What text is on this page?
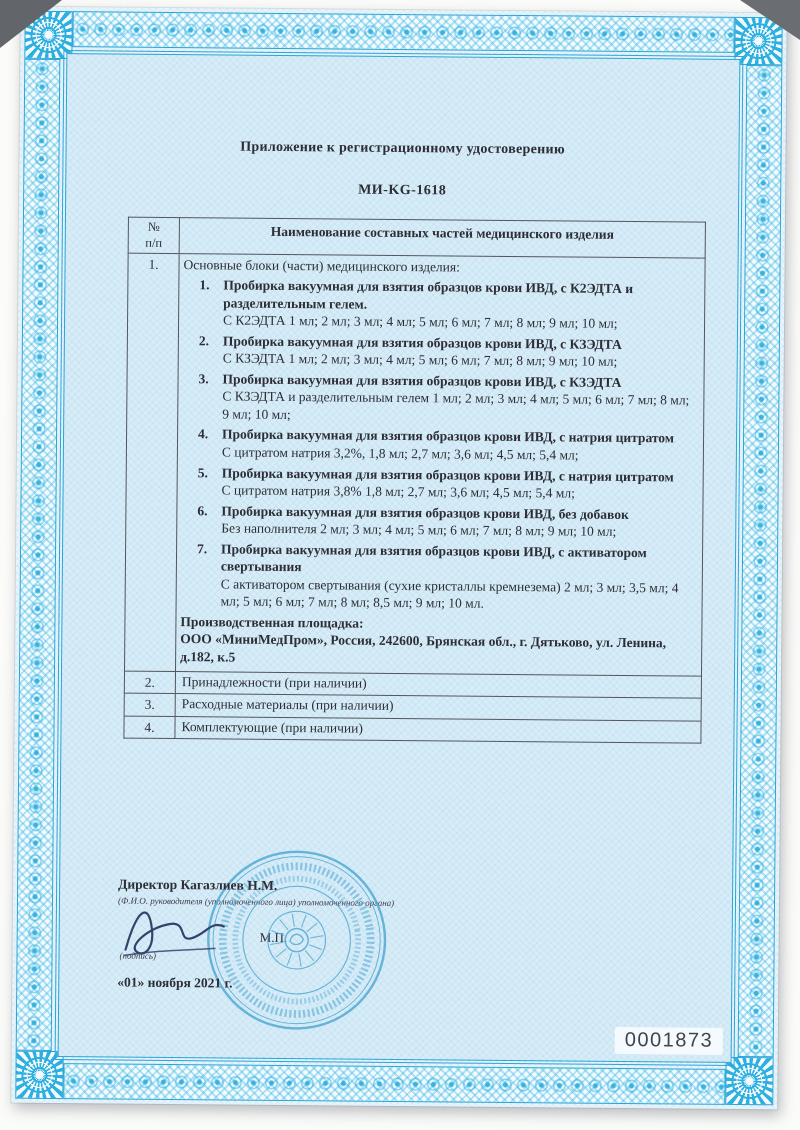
Приложение к регистрационному удостоверению
МИ-KG-1618
№
п/п	Наименование составных частей медицинского изделия
1.	Основные блоки (части) медицинского изделия:
1.	Пробирка вакуумная для взятия образцов крови ИВД, с К2ЭДТА и разделительным гелем.
С К2ЭДТА 1 мл; 2 мл; 3 мл; 4 мл; 5 мл; 6 мл; 7 мл; 8 мл; 9 мл; 10 мл;
2.	Пробирка вакуумная для взятия образцов крови ИВД, с КЗЭДТА
С КЗЭДТА 1 мл; 2 мл; 3 мл; 4 мл; 5 мл; 6 мл; 7 мл; 8 мл; 9 мл; 10 мл;
3.	Пробирка вакуумная для взятия образцов крови ИВД, с КЗЭДТА
С КЗЭДТА и разделительным гелем 1 мл; 2 мл; 3 мл; 4 мл; 5 мл; 6 мл; 7 мл; 8 мл; 9 мл; 10 мл;
4.	Пробирка вакуумная для взятия образцов крови ИВД, с натрия цитратом
С цитратом натрия 3,2%, 1,8 мл; 2,7 мл; 3,6 мл; 4,5 мл; 5,4 мл;
5.	Пробирка вакуумная для взятия образцов крови ИВД, с натрия цитратом
С цитратом натрия 3,8% 1,8 мл; 2,7 мл; 3,6 мл; 4,5 мл; 5,4 мл;
6.	Пробирка вакуумная для взятия образцов крови ИВД, без добавок
Без наполнителя 2 мл; 3 мл; 4 мл; 5 мл; 6 мл; 7 мл; 8 мл; 9 мл; 10 мл;
7.	Пробирка вакуумная для взятия образцов крови ИВД, с активатором свертывания
С активатором свертывания (сухие кристаллы кремнезема) 2 мл; 3 мл; 3,5 мл; 4 мл; 5 мл; 6 мл; 7 мл; 8 мл; 8,5 мл; 9 мл; 10 мл.
Производственная площадка:
ООО «МиниМедПром», Россия, 242600, Брянская обл., г. Дятьково, ул. Ленина, д.182, к.5

2.	Принадлежности (при наличии)
3.	Расходные материалы (при наличии)
4.	Комплектующие (при наличии)
Директор Кагазлиев Н.М.
(Ф.И.О. руководителя (уполномоченного лица) уполномоченного органа)
М.П.
(подпись)
«01» ноября 2021 г.
0001873
